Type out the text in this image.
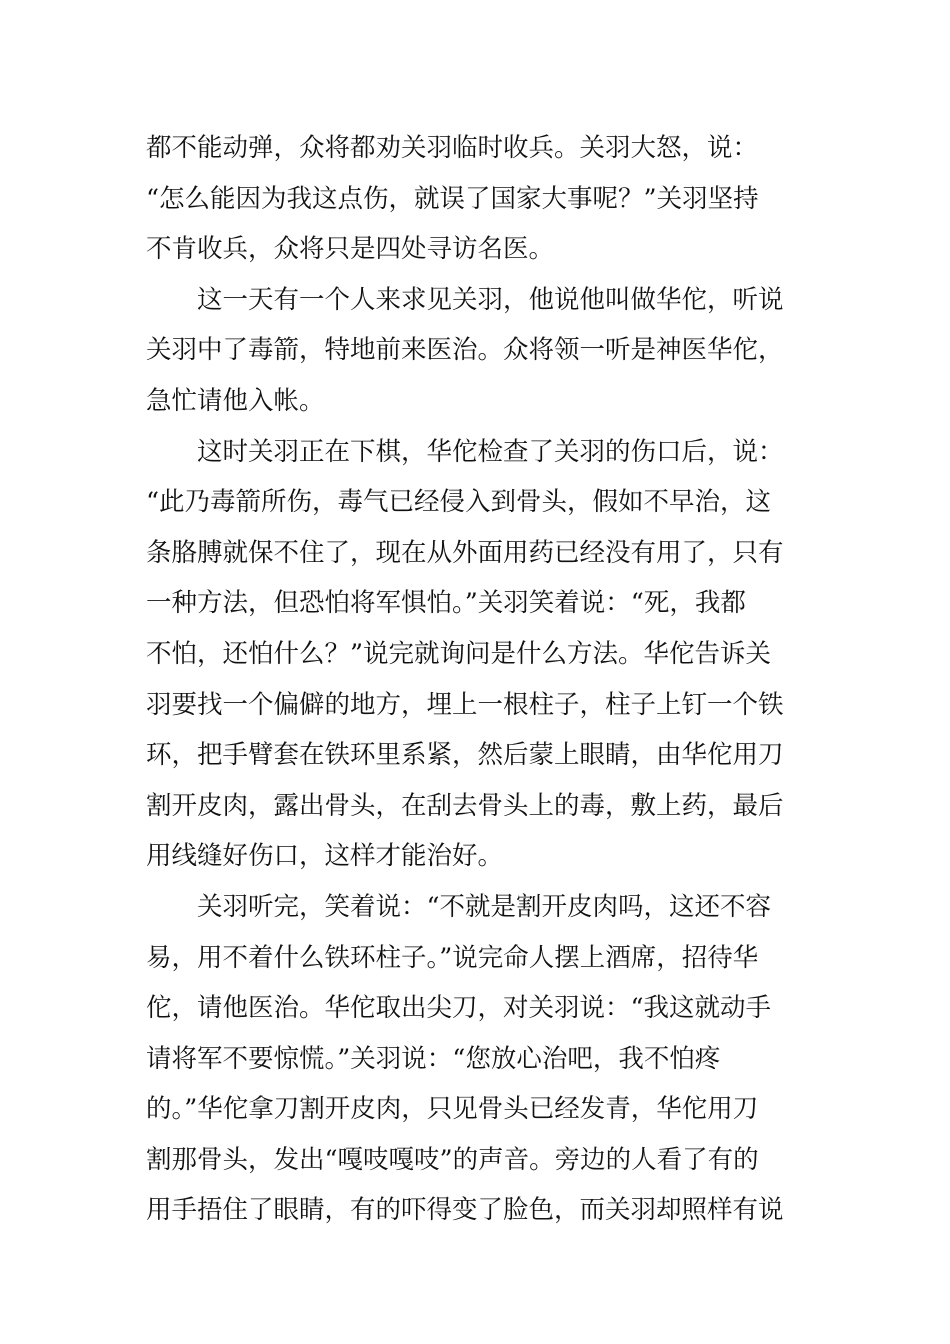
都不能动弹，众将都劝关羽临时收兵。关羽大怒，说：
“怎么能因为我这点伤，就误了国家大事呢？”关羽坚持
不肯收兵，众将只是四处寻访名医。
这一天有一个人来求见关羽，他说他叫做华佗，听说
关羽中了毒箭，特地前来医治。众将领一听是神医华佗，
急忙请他入帐。
这时关羽正在下棋，华佗检查了关羽的伤口后，说：
“此乃毒箭所伤，毒气已经侵入到骨头，假如不早治，这
条胳膊就保不住了，现在从外面用药已经没有用了，只有
一种方法，但恐怕将军惧怕。”关羽笑着说：“死，我都
不怕，还怕什么？”说完就询问是什么方法。华佗告诉关
羽要找一个偏僻的地方，埋上一根柱子，柱子上钉一个铁
环，把手臂套在铁环里系紧，然后蒙上眼睛，由华佗用刀
割开皮肉，露出骨头，在刮去骨头上的毒，敷上药，最后
用线缝好伤口，这样才能治好。
关羽听完，笑着说：“不就是割开皮肉吗，这还不容
易，用不着什么铁环柱子。”说完命人摆上酒席，招待华
佗，请他医治。华佗取出尖刀，对关羽说：“我这就动手
请将军不要惊慌。”关羽说：“您放心治吧，我不怕疼
的。”华佗拿刀割开皮肉，只见骨头已经发青，华佗用刀
割那骨头，发出“嘎吱嘎吱”的声音。旁边的人看了有的
用手捂住了眼睛，有的吓得变了脸色，而关羽却照样有说
